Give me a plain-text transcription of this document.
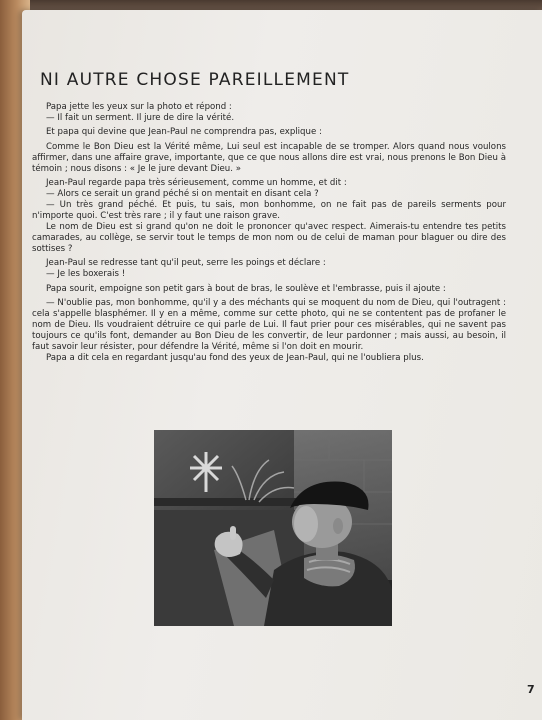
NI AUTRE CHOSE PAREILLEMENT

Papa jette les yeux sur la photo et répond :

— Il fait un serment. Il jure de dire la vérité.

Et papa qui devine que Jean-Paul ne comprendra pas, explique :

Comme le Bon Dieu est la Vérité même, Lui seul est incapable de se tromper. Alors quand nous voulons affirmer, dans une affaire grave, importante, que ce que nous allons dire est vrai, nous prenons le Bon Dieu à témoin ; nous disons : « Je le jure devant Dieu. »

Jean-Paul regarde papa très sérieusement, comme un homme, et dit :

— Alors ce serait un grand péché si on mentait en disant cela ?

— Un très grand péché. Et puis, tu sais, mon bonhomme, on ne fait pas de pareils serments pour n'importe quoi. C'est très rare ; il y faut une raison grave.

Le nom de Dieu est si grand qu'on ne doit le prononcer qu'avec respect. Aimerais-tu entendre tes petits camarades, au collège, se servir tout le temps de mon nom ou de celui de maman pour blaguer ou dire des sottises ?

Jean-Paul se redresse tant qu'il peut, serre les poings et déclare :

— Je les boxerais !

Papa sourit, empoigne son petit gars à bout de bras, le soulève et l'embrasse, puis il ajoute :

— N'oublie pas, mon bonhomme, qu'il y a des méchants qui se moquent du nom de Dieu, qui l'outragent : cela s'appelle blasphémer. Il y en a même, comme sur cette photo, qui ne se contentent pas de profaner le nom de Dieu. Ils voudraient détruire ce qui parle de Lui. Il faut prier pour ces misérables, qui ne savent pas toujours ce qu'ils font, demander au Bon Dieu de les convertir, de leur pardonner ; mais aussi, au besoin, il faut savoir leur résister, pour défendre la Vérité, même si l'on doit en mourir.

Papa a dit cela en regardant jusqu'au fond des yeux de Jean-Paul, qui ne l'oubliera plus.

7
